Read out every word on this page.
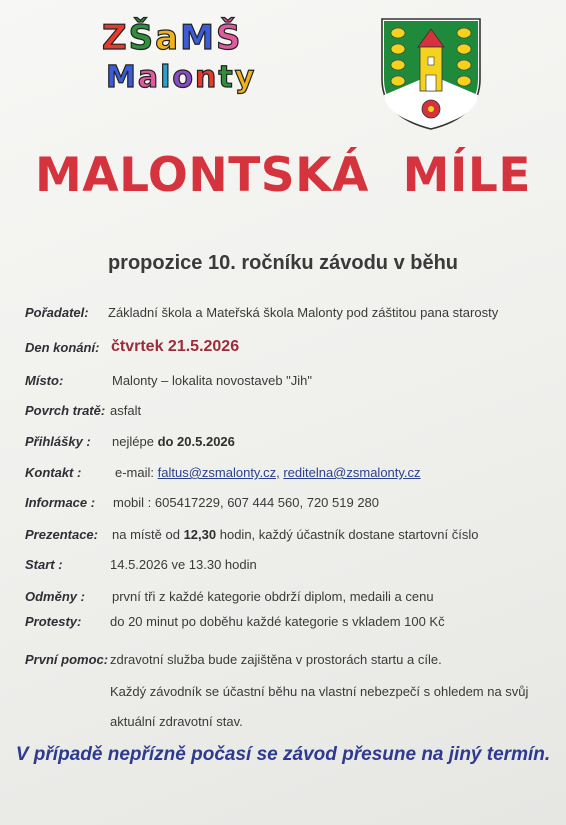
ZŠaMŠ
Malonty
MALONTSKÁ  MÍLE
propozice 10. ročníku závodu v běhu
Pořadatel: Základní škola a Mateřská škola Malonty pod záštitou pana starosty
Den konání: čtvrtek 21.5.2026
Místo:	Malonty – lokalita novostaveb "Jih"
Povrch tratě: asfalt
Přihlášky : nejlépe do 20.5.2026
Kontakt :	e-mail: faltus@zsmalonty.cz, reditelna@zsmalonty.cz
Informace : mobil : 605417229, 607 444 560, 720 519 280
Prezentace: na místě od 12,30 hodin, každý účastník dostane startovní číslo
Start :	14.5.2026 ve 13.30 hodin
Odměny : první tři z každé kategorie obdrží diplom, medaili a cenu
Protesty: do 20 minut po doběhu každé kategorie s vkladem 100 Kč
První pomoc: zdravotní služba bude zajištěna v prostorách startu a cíle.
Každý závodník se účastní běhu na vlastní nebezpečí s ohledem na svůj
aktuální zdravotní stav.
V případě nepřízně počasí se závod přesune na jiný termín.
